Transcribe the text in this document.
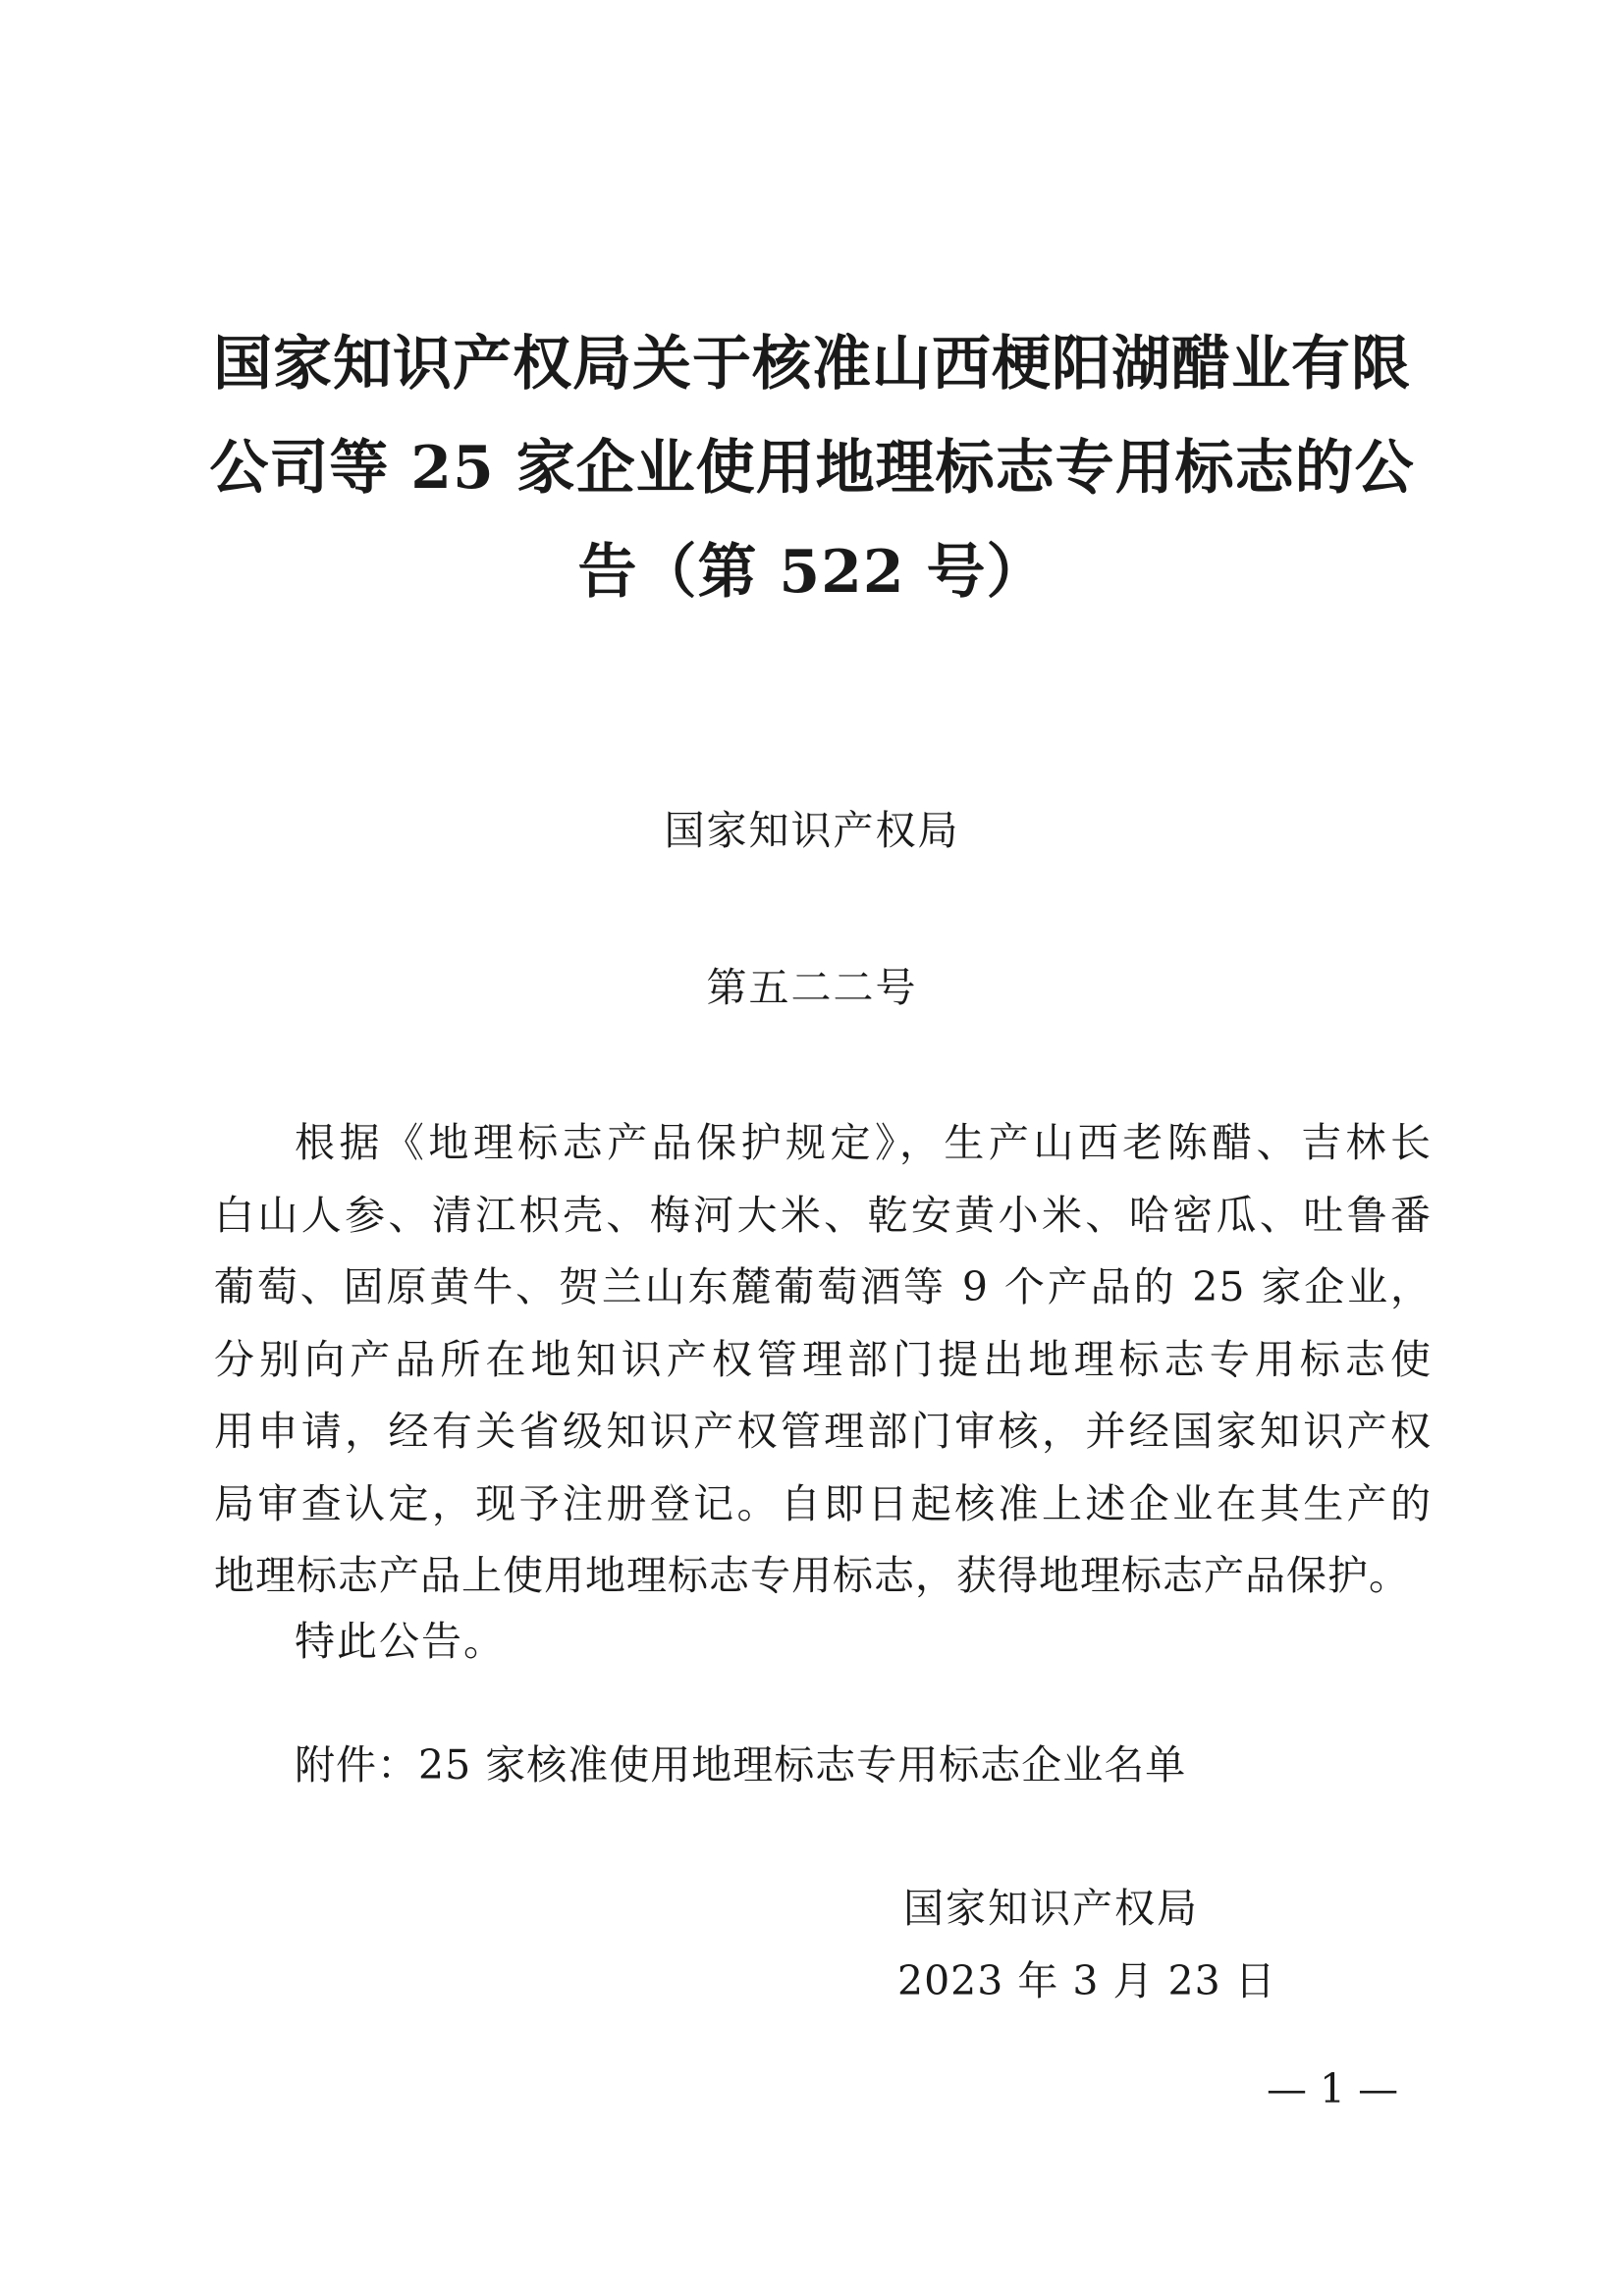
国家知识产权局关于核准山西梗阳湖醋业有限
公司等 25 家企业使用地理标志专用标志的公
告（第 522 号）
国家知识产权局
第五二二号
根据《地理标志产品保护规定》，生产山西老陈醋、吉林长
白山人参、清江枳壳、梅河大米、乾安黄小米、哈密瓜、吐鲁番
葡萄、固原黄牛、贺兰山东麓葡萄酒等 9 个产品的 25 家企业，
分别向产品所在地知识产权管理部门提出地理标志专用标志使
用申请，经有关省级知识产权管理部门审核，并经国家知识产权
局审查认定，现予注册登记。自即日起核准上述企业在其生产的
地理标志产品上使用地理标志专用标志，获得地理标志产品保护。
特此公告。
附件：25 家核准使用地理标志专用标志企业名单
国家知识产权局
2023 年 3 月 23 日
— 1 —
